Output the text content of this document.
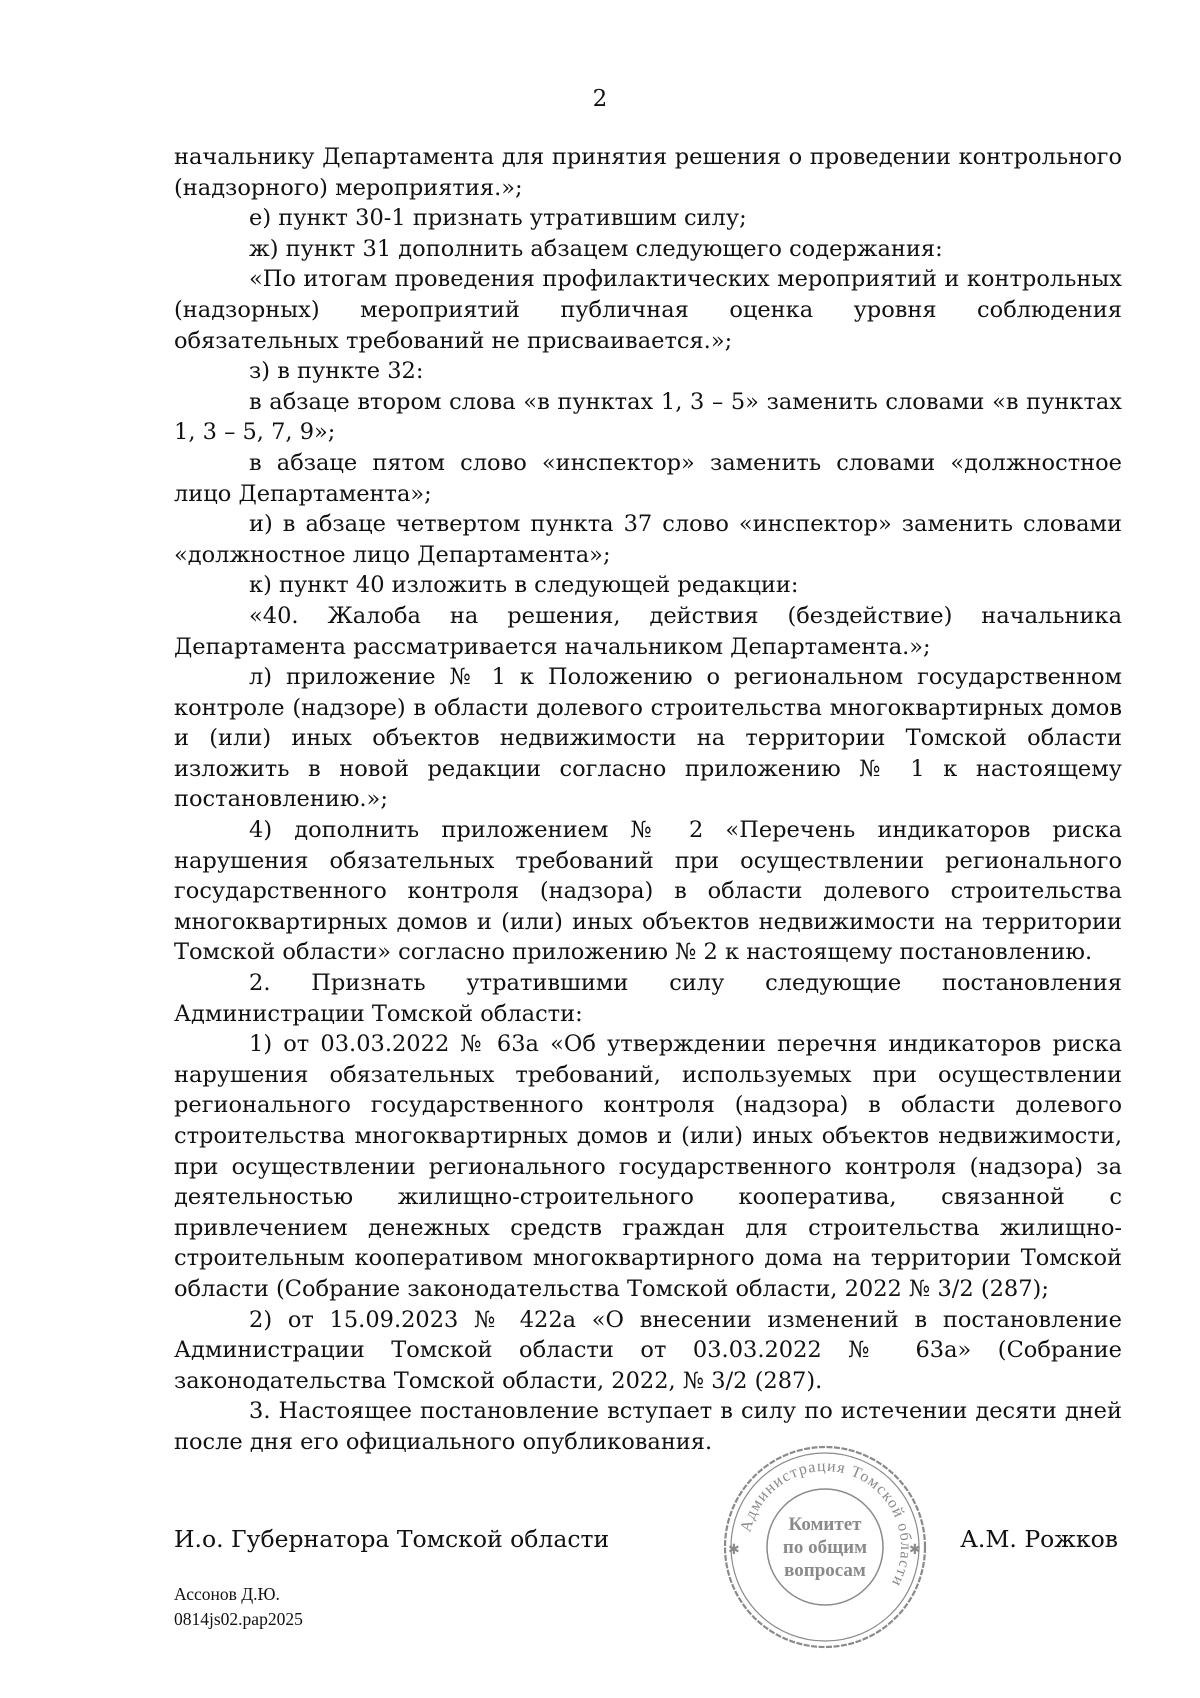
2

начальнику Департамента для принятия решения о проведении контрольного (надзорного) мероприятия.»;

е) пункт 30-1 признать утратившим силу;

ж) пункт 31 дополнить абзацем следующего содержания:

«По итогам проведения профилактических мероприятий и контрольных (надзорных) мероприятий публичная оценка уровня соблюдения обязательных требований не присваивается.»;

з) в пункте 32:

в абзаце втором слова «в пунктах 1, 3 – 5» заменить словами «в пунктах 1, 3 – 5, 7, 9»;

в абзаце пятом слово «инспектор» заменить словами «должностное лицо Департамента»;

и) в абзаце четвертом пункта 37 слово «инспектор» заменить словами «должностное лицо Департамента»;

к) пункт 40 изложить в следующей редакции:

«40. Жалоба на решения, действия (бездействие) начальника Департамента рассматривается начальником Департамента.»;

л) приложение № 1 к Положению о региональном государственном контроле (надзоре) в области долевого строительства многоквартирных домов и (или) иных объектов недвижимости на территории Томской области изложить в новой редакции согласно приложению № 1 к настоящему постановлению.»;

4) дополнить приложением № 2 «Перечень индикаторов риска нарушения обязательных требований при осуществлении регионального государственного контроля (надзора) в области долевого строительства многоквартирных домов и (или) иных объектов недвижимости на территории Томской области» согласно приложению № 2 к настоящему постановлению.

2. Признать утратившими силу следующие постановления Администрации Томской области:

1) от 03.03.2022 № 63а «Об утверждении перечня индикаторов риска нарушения обязательных требований, используемых при осуществлении регионального государственного контроля (надзора) в области долевого строительства многоквартирных домов и (или) иных объектов недвижимости, при осуществлении регионального государственного контроля (надзора) за деятельностью жилищно-строительного кооператива, связанной с привлечением денежных средств граждан для строительства жилищно-строительным кооперативом многоквартирного дома на территории Томской области (Собрание законодательства Томской области, 2022 № 3/2 (287);

2) от 15.09.2023 № 422а «О внесении изменений в постановление Администрации Томской области от 03.03.2022 № 63а» (Собрание законодательства Томской области, 2022, № 3/2 (287).

3. Настоящее постановление вступает в силу по истечении десяти дней после дня его официального опубликования.

И.о. Губернатора Томской области	А.М. Рожков
Ассонов Д.Ю.
0814js02.pap2025
Администрация Томской области
✱	✱
Комитет
по общим
вопросам
